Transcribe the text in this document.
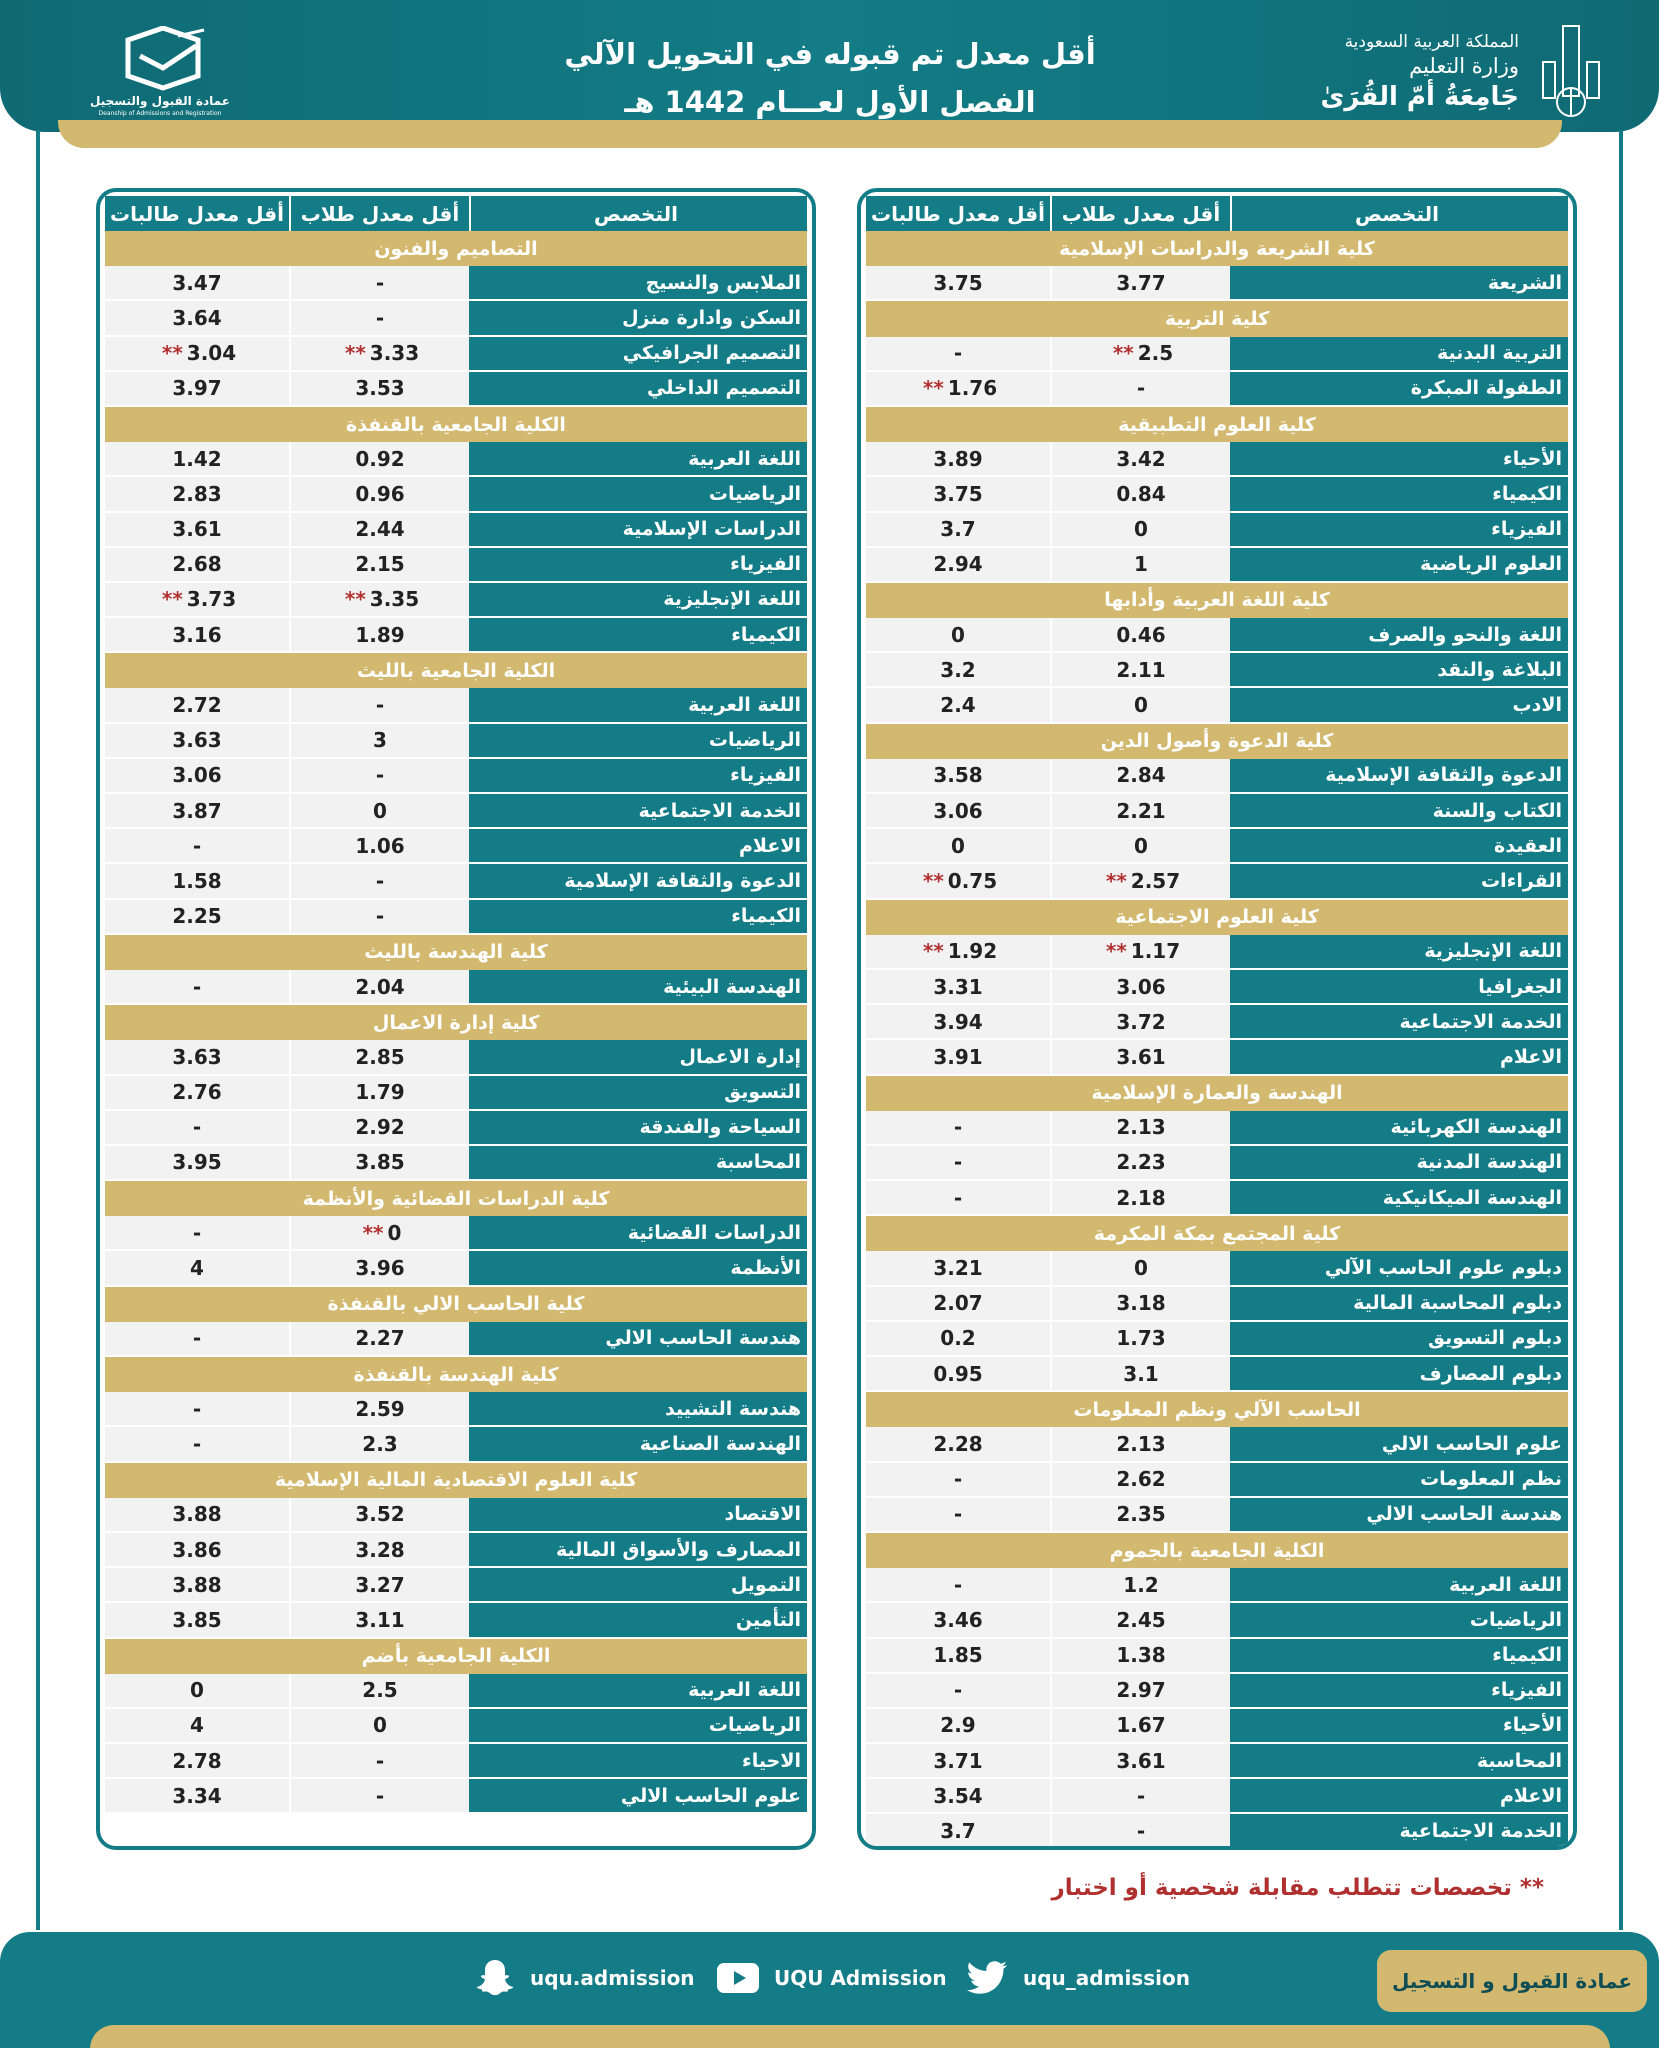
أقل معدل تم قبوله في التحويل الآلي
الفصل الأول لعـــام 1442 هـ
المملكة العربية السعودية
وزارة التعليم
جَامِعَةُ أمّ القُرَىٰ
عمادة القبول والتسجيل
Deanship of Admissions and Registration
التخصص
أقل معدل طلاب
أقل معدل طالبات
كلية الشريعة والدراسات الإسلامية
الشريعة
3.77
3.75
كلية التربية
التربية البدنية
2.5
**
-
الطفولة المبكرة
-
1.76
**
كلية العلوم التطبيقية
الأحياء
3.42
3.89
الكيمياء
0.84
3.75
الفيزياء
0
3.7
العلوم الرياضية
1
2.94
كلية اللغة العربية وأدابها
اللغة والنحو والصرف
0.46
0
البلاغة والنقد
2.11
3.2
الادب
0
2.4
كلية الدعوة وأصول الدين
الدعوة والثقافة الإسلامية
2.84
3.58
الكتاب والسنة
2.21
3.06
العقيدة
0
0
القراءات
2.57
**
0.75
**
كلية العلوم الاجتماعية
اللغة الإنجليزية
1.17
**
1.92
**
الجغرافيا
3.06
3.31
الخدمة الاجتماعية
3.72
3.94
الاعلام
3.61
3.91
الهندسة والعمارة الإسلامية
الهندسة الكهربائية
2.13
-
الهندسة المدنية
2.23
-
الهندسة الميكانيكية
2.18
-
كلية المجتمع بمكة المكرمة
دبلوم علوم الحاسب الآلي
0
3.21
دبلوم المحاسبة المالية
3.18
2.07
دبلوم التسويق
1.73
0.2
دبلوم المصارف
3.1
0.95
الحاسب الآلي ونظم المعلومات
علوم الحاسب الالي
2.13
2.28
نظم المعلومات
2.62
-
هندسة الحاسب الالي
2.35
-
الكلية الجامعية بالجموم
اللغة العربية
1.2
-
الرياضيات
2.45
3.46
الكيمياء
1.38
1.85
الفيزياء
2.97
-
الأحياء
1.67
2.9
المحاسبة
3.61
3.71
الاعلام
-
3.54
الخدمة الاجتماعية
-
3.7
التخصص
أقل معدل طلاب
أقل معدل طالبات
التصاميم والفنون
الملابس والنسيج
-
3.47
السكن وادارة منزل
-
3.64
التصميم الجرافيكي
3.33
**
3.04
**
التصميم الداخلي
3.53
3.97
الكلية الجامعية بالقنفذة
اللغة العربية
0.92
1.42
الرياضيات
0.96
2.83
الدراسات الإسلامية
2.44
3.61
الفيزياء
2.15
2.68
اللغة الإنجليزية
3.35
**
3.73
**
الكيمياء
1.89
3.16
الكلية الجامعية بالليث
اللغة العربية
-
2.72
الرياضيات
3
3.63
الفيزياء
-
3.06
الخدمة الاجتماعية
0
3.87
الاعلام
1.06
-
الدعوة والثقافة الإسلامية
-
1.58
الكيمياء
-
2.25
كلية الهندسة بالليث
الهندسة البيئية
2.04
-
كلية إدارة الاعمال
إدارة الاعمال
2.85
3.63
التسويق
1.79
2.76
السياحة والفندقة
2.92
-
المحاسبة
3.85
3.95
كلية الدراسات القضائية والأنظمة
الدراسات القضائية
0
**
-
الأنظمة
3.96
4
كلية الحاسب الالي بالقنفذة
هندسة الحاسب الالي
2.27
-
كلية الهندسة بالقنفذة
هندسة التشييد
2.59
-
الهندسة الصناعية
2.3
-
كلية العلوم الاقتصادية المالية الإسلامية
الاقتصاد
3.52
3.88
المصارف والأسواق المالية
3.28
3.86
التمويل
3.27
3.88
التأمين
3.11
3.85
الكلية الجامعية بأضم
اللغة العربية
2.5
0
الرياضيات
0
4
الاحياء
-
2.78
علوم الحاسب الالي
-
3.34
** تخصصات تتطلب مقابلة شخصية أو اختبار
عمادة القبول و التسجيل
uqu_admission
UQU Admission
uqu.admission
